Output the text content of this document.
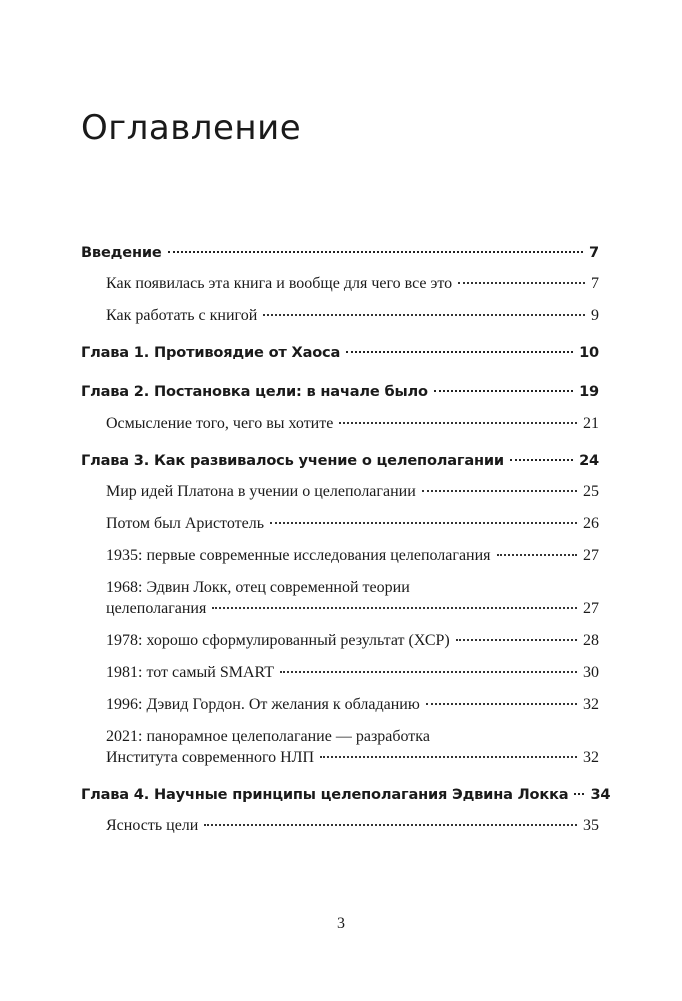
Оглавление
Введение	7
Как появилась эта книга и вообще для чего все это	7
Как работать с книгой	9
Глава 1. Противоядие от Хаоса	10
Глава 2. Постановка цели: в начале было	19
Осмысление того, чего вы хотите	21
Глава 3. Как развивалось учение о целеполагании	24
Мир идей Платона в учении о целеполагании	25
Потом был Аристотель	26
1935: первые современные исследования целеполагания	27
1968: Эдвин Локк, отец современной теории
целеполагания	27
1978: хорошо сформулированный результат (ХСР)	28
1981: тот самый SMART	30
1996: Дэвид Гордон. От желания к обладанию	32
2021: панорамное целеполагание — разработка
Института современного НЛП	32
Глава 4. Научные принципы целеполагания Эдвина Локка 34
Ясность цели	35
3
